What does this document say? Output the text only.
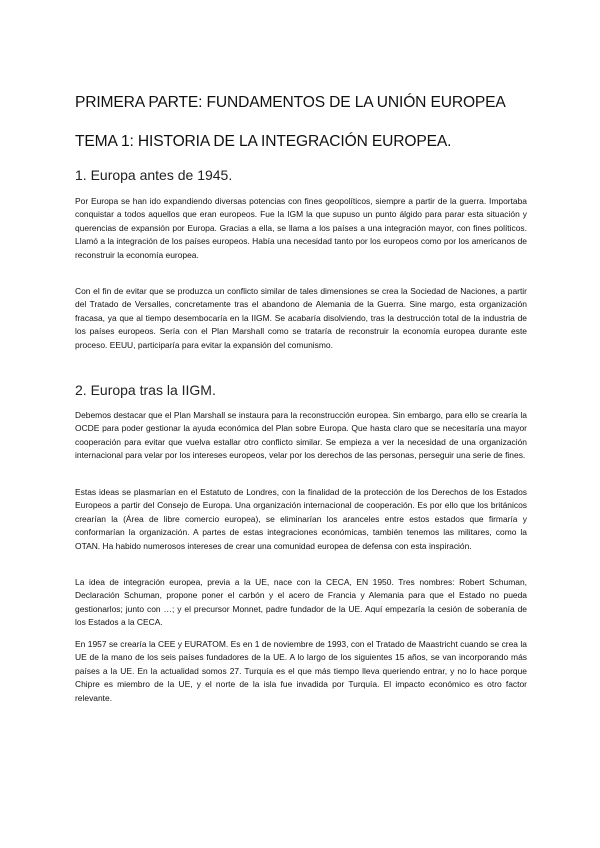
PRIMERA PARTE: FUNDAMENTOS DE LA UNIÓN EUROPEA
TEMA 1: HISTORIA DE LA INTEGRACIÓN EUROPEA.
1. Europa antes de 1945.

Por Europa se han ido expandiendo diversas potencias con fines geopolíticos, siempre a partir de la guerra. Importaba conquistar a todos aquellos que eran europeos. Fue la IGM la que supuso un punto álgido para parar esta situación y querencias de expansión por Europa. Gracias a ella, se llama a los países a una integración mayor, con fines políticos. Llamó a la integración de los países europeos. Había una necesidad tanto por los europeos como por los americanos de reconstruir la economía europea.

Con el fin de evitar que se produzca un conflicto similar de tales dimensiones se crea la Sociedad de Naciones, a partir del Tratado de Versalles, concretamente tras el abandono de Alemania de la Guerra. Sine margo, esta organización fracasa, ya que al tiempo desembocaría en la IIGM. Se acabaría disolviendo, tras la destrucción total de la industria de los países europeos. Sería con el Plan Marshall como se trataría de reconstruir la economía europea durante este proceso. EEUU, participaría para evitar la expansión del comunismo.

2. Europa tras la IIGM.

Debemos destacar que el Plan Marshall se instaura para la reconstrucción europea. Sin embargo, para ello se crearía la OCDE para poder gestionar la ayuda económica del Plan sobre Europa. Que hasta claro que se necesitaría una mayor cooperación para evitar que vuelva estallar otro conflicto similar. Se empieza a ver la necesidad de una organización internacional para velar por los intereses europeos, velar por los derechos de las personas, perseguir una serie de fines.

Estas ideas se plasmarían en el Estatuto de Londres, con la finalidad de la protección de los Derechos de los Estados Europeos a partir del Consejo de Europa. Una organización internacional de cooperación. Es por ello que los británicos crearían la (Área de libre comercio europea), se eliminarían los aranceles entre estos estados que firmaría y conformarían la organización. A partes de estas integraciones económicas, también tenemos las militares, como la OTAN. Ha habido numerosos intereses de crear una comunidad europea de defensa con esta inspiración.

La idea de integración europea, previa a la UE, nace con la CECA, EN 1950. Tres nombres: Robert Schuman, Declaración Schuman, propone poner el carbón y el acero de Francia y Alemania para que el Estado no pueda gestionarlos; junto con …; y el precursor Monnet, padre fundador de la UE. Aquí empezaría la cesión de soberanía de los Estados a la CECA.

En 1957 se crearía la CEE y EURATOM. Es en 1 de noviembre de 1993, con el Tratado de Maastricht cuando se crea la UE de la mano de los seis países fundadores de la UE. A lo largo de los siguientes 15 años, se van incorporando más países a la UE. En la actualidad somos 27. Turquía es el que más tiempo lleva queriendo entrar, y no lo hace porque Chipre es miembro de la UE, y el norte de la isla fue invadida por Turquía. El impacto económico es otro factor relevante.
